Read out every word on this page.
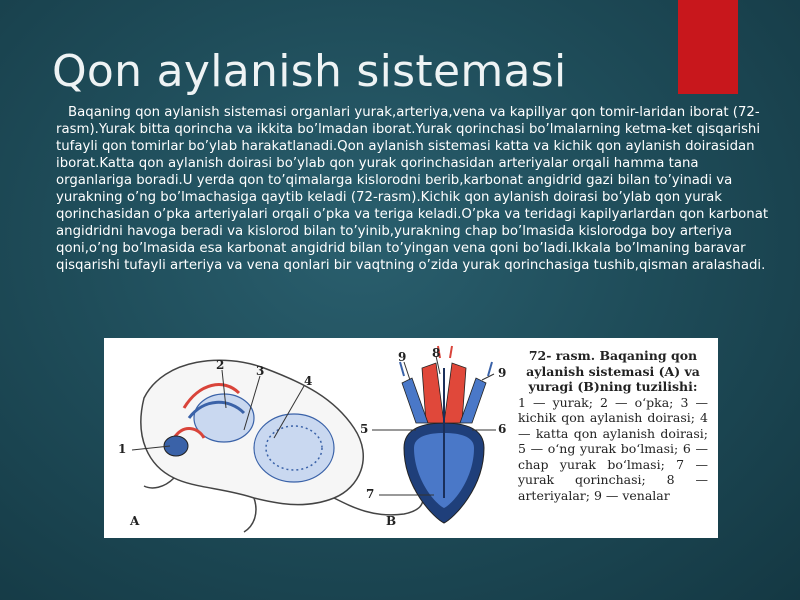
Qon aylanish sistemasi
Baqaning qon aylanish sistemasi organlari yurak,arteriya,vena va kapillyar qon tomir-laridan iborat (72-rasm).Yurak bitta qorincha va ikkita bo’lmadan iborat.Yurak qorinchasi bo’lmalarning ketma-ket qisqarishi tufayli qon tomirlar bo’ylab harakatlanadi.Qon aylanish sistemasi katta va kichik qon aylanish doirasidan iborat.Katta qon aylanish doirasi bo’ylab qon yurak qorinchasidan arteriyalar orqali hamma tana organlariga boradi.U yerda qon to’qimalarga kislorodni berib,karbonat angidrid gazi bilan to’yinadi va yurakning o’ng bo’lmachasiga qaytib keladi (72-rasm).Kichik qon aylanish doirasi bo’ylab qon yurak qorinchasidan o’pka arteriyalari orqali o’pka va teriga keladi.O’pka va teridagi kapilyarlardan qon karbonat angidridni havoga beradi va kislorod bilan to’yinib,yurakning chap bo’lmasida kislorodga boy arteriya qoni,o’ng bo’lmasida esa karbonat angidrid bilan to’yingan vena qoni bo’ladi.Ikkala bo’lmaning baravar qisqarishi tufayli arteriya va vena qonlari bir vaqtning o’zida yurak qorinchasiga tushib,qisman aralashadi.
1
2	3
4
A
9 8
9
5	6
7
B
72- rasm. Baqaning qon aylanish sistemasi (A) va yuragi (B)ning tuzilishi:
1 — yurak; 2 — o‘pka; 3 — kichik qon aylanish doirasi; 4 — katta qon aylanish doirasi; 5 — o‘ng yurak bo‘lmasi; 6 — chap yurak bo‘lmasi; 7 — yurak qorinchasi; 8 — arteriyalar; 9 — venalar
